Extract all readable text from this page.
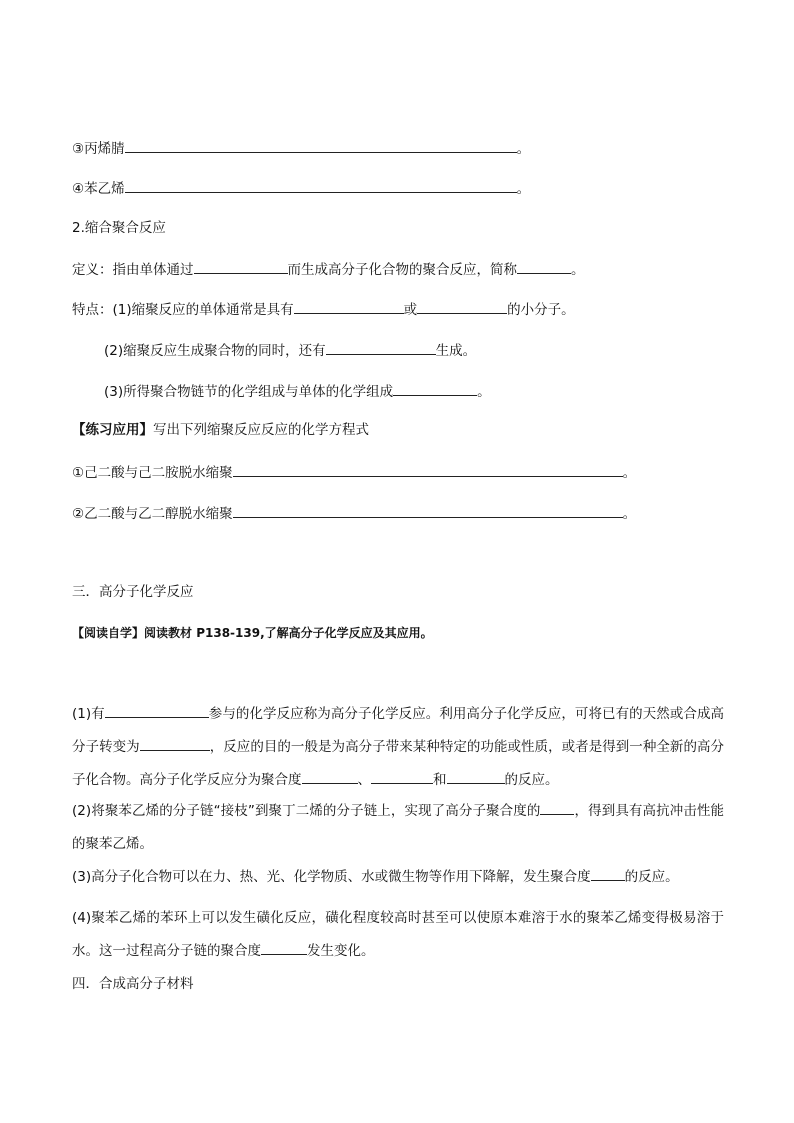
③丙烯腈	。
④苯乙烯	。
2.缩合聚合反应
定义：指由单体通过	而生成高分子化合物的聚合反应，简称	。
特点：(1)缩聚反应的单体通常是具有	或	的小分子。
(2)缩聚反应生成聚合物的同时，还有	生成。
(3)所得聚合物链节的化学组成与单体的化学组成	。
【练习应用】写出下列缩聚反应反应的化学方程式
①己二酸与己二胺脱水缩聚	。
②乙二酸与乙二醇脱水缩聚	。
三．高分子化学反应
【阅读自学】阅读教材 P138-139,了解高分子化学反应及其应用。
(1)有	参与的化学反应称为高分子化学反应。利用高分子化学反应，可将已有的天然或合成高分子转变为	，反应的目的一般是为高分子带来某种特定的功能或性质，或者是得到一种全新的高分子化合物。高分子化学反应分为聚合度	、	和	的反应。
(2)将聚苯乙烯的分子链“接枝”到聚丁二烯的分子链上，实现了高分子聚合度的	，得到具有高抗冲击性能的聚苯乙烯。
(3)高分子化合物可以在力、热、光、化学物质、水或微生物等作用下降解，发生聚合度	的反应。
(4)聚苯乙烯的苯环上可以发生磺化反应，磺化程度较高时甚至可以使原本难溶于水的聚苯乙烯变得极易溶于水。这一过程高分子链的聚合度	发生变化。
四．合成高分子材料
